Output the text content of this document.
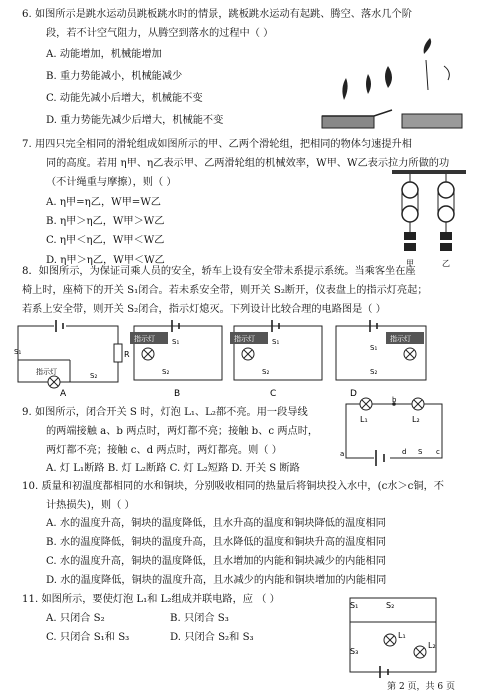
6. 如图所示是跳水运动员跳板跳水时的情景，跳板跳水运动有起跳、腾空、落水几个阶
段，若不计空气阻力，从腾空到落水的过程中（ ）
A. 动能增加，机械能增加
B. 重力势能减小，机械能减少
C. 动能先减小后增大，机械能不变
D. 重力势能先减少后增大，机械能不变
7. 用四只完全相同的滑轮组成如图所示的甲、乙两个滑轮组，把相同的物体匀速提升相
同的高度。若用 η甲、η乙表示甲、乙两滑轮组的机械效率，W甲、W乙表示拉力所做的功
（不计绳重与摩擦），则（ ）
A. η甲=η乙，W甲=W乙
B. η甲＞η乙，W甲＞W乙
C. η甲＜η乙，W甲＜W乙
D. η甲＞η乙，W甲＜W乙	甲	乙
8．如图所示，为保证司乘人员的安全，轿车上设有安全带未系提示系统。当乘客坐在座
椅上时，座椅下的开关 S₁闭合。若未系安全带，则开关 S₂断开，仪表盘上的指示灯亮起；
若系上安全带，则开关 S₂闭合，指示灯熄灭。下列设计比较合理的电路图是（ ）
R
S₁
S₂
指示灯
A
指示灯 S₁
S₂
B
指示灯 S₁
S₂
C
指示灯
S₁
S₂
D
9. 如图所示，闭合开关 S 时，灯泡 L₁、L₂都不亮。用一段导线
的两端接触 a、b 两点时，两灯都不亮；接触 b、c 两点时，
两灯都不亮；接触 c、d 两点时，两灯都亮。则（ ）
A. 灯 L₁断路 B. 灯 L₂断路 C. 灯 L₂短路 D. 开关 S 断路
b
L₁	L₂
a	d S c
10. 质量和初温度都相同的水和铜块，分别吸收相同的热量后将铜块投入水中，(c水＞c铜，不
计热损失)，则（ ）
A. 水的温度升高，铜块的温度降低，且水升高的温度和铜块降低的温度相同
B. 水的温度降低，铜块的温度升高，且水降低的温度和铜块升高的温度相同
C. 水的温度升高，铜块的温度降低，且水增加的内能和铜块减少的内能相同
D. 水的温度降低，铜块的温度升高，且水减少的内能和铜块增加的内能相同
11. 如图所示，要使灯泡 L₁和 L₂组成并联电路，应 （ ）
A. 只闭合 S₂	B. 只闭合 S₃
C. 只闭合 S₁和 S₃	D. 只闭合 S₂和 S₃
S₁	S₂
L₁
L₂
S₃
第 2 页，共 6 页
